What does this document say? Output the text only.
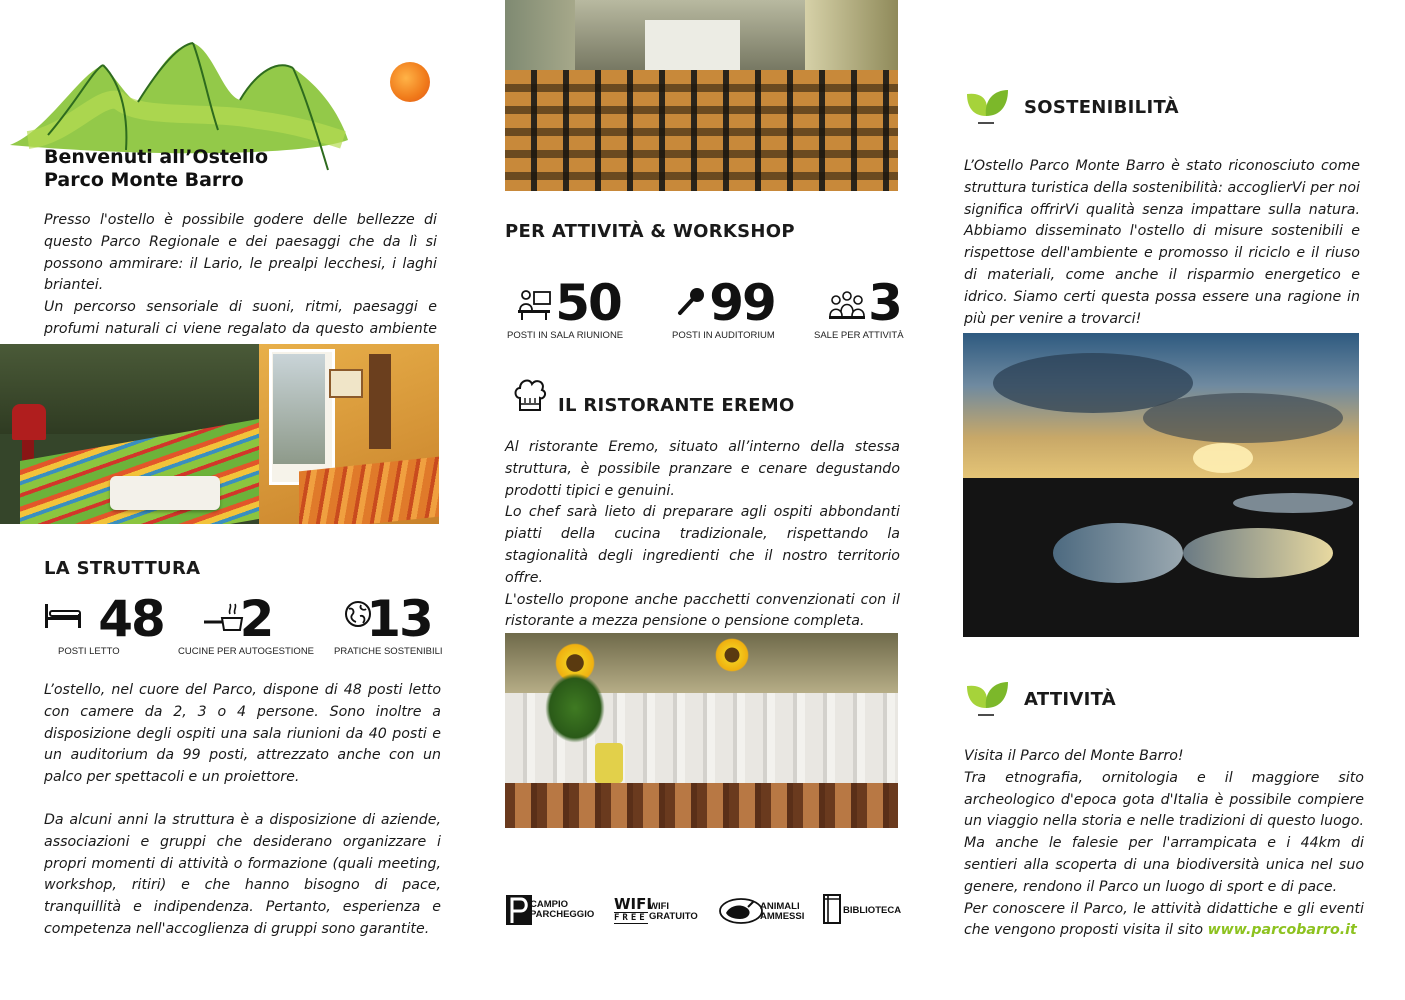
Benvenuti all’Ostello
Parco Monte Barro
Presso l'ostello è possibile godere delle bellezze di questo Parco Regionale e dei paesaggi che da lì si possono ammirare: il Lario, le prealpi lecchesi, i laghi briantei.
Un percorso sensoriale di suoni, ritmi, paesaggi e profumi naturali ci viene regalato da questo ambiente
LA STRUTTURA
48
POSTI LETTO
2
CUCINE PER AUTOGESTIONE
13
PRATICHE SOSTENIBILI
L’ostello, nel cuore del Parco, dispone di 48 posti letto con camere da 2, 3 o 4 persone. Sono inoltre a disposizione degli ospiti una sala riunioni da 40 posti e un auditorium da 99 posti, attrezzato anche con un palco per spettacoli e un proiettore.
Da alcuni anni la struttura è a disposizione di aziende, associazioni e gruppi che desiderano organizzare i propri momenti di attività o formazione (quali meeting, workshop, ritiri) e che hanno bisogno di pace, tranquillità e indipendenza. Pertanto, esperienza e competenza nell'accoglienza di gruppi sono garantite.
PER ATTIVITÀ & WORKSHOP
50
POSTI IN SALA RIUNIONE
99
POSTI IN AUDITORIUM
3
SALE PER ATTIVITÀ
IL RISTORANTE EREMO
Al ristorante Eremo, situato all’interno della stessa struttura, è possibile pranzare e cenare degustando prodotti tipici e genuini.
Lo chef sarà lieto di preparare agli ospiti abbondanti piatti della cucina tradizionale, rispettando la stagionalità degli ingredienti che il nostro territorio offre.
L'ostello propone anche pacchetti convenzionati con il ristorante a mezza pensione o pensione completa.
CAMPIO
PARCHEGGIO
WIFI
FREE
WIFI
GRATUITO
ANIMALI
AMMESSI
BIBLIOTECA
SOSTENIBILITÀ
L’Ostello Parco Monte Barro è stato riconosciuto come struttura turistica della sostenibilità: accoglierVi per noi significa offrirVi qualità senza impattare sulla natura. Abbiamo disseminato l'ostello di misure sostenibili e rispettose dell'ambiente e promosso il riciclo e il riuso di materiali, come anche il risparmio energetico e idrico. Siamo certi questa possa essere una ragione in più per venire a trovarci!
ATTIVITÀ
Visita il Parco del Monte Barro!
Tra etnografia, ornitologia e il maggiore sito archeologico d'epoca gota d'Italia è possibile compiere un viaggio nella storia e nelle tradizioni di questo luogo. Ma anche le falesie per l'arrampicata e i 44km di sentieri alla scoperta di una biodiversità unica nel suo genere, rendono il Parco un luogo di sport e di pace.
Per conoscere il Parco, le attività didattiche e gli eventi che vengono proposti visita il sito www.parcobarro.it
